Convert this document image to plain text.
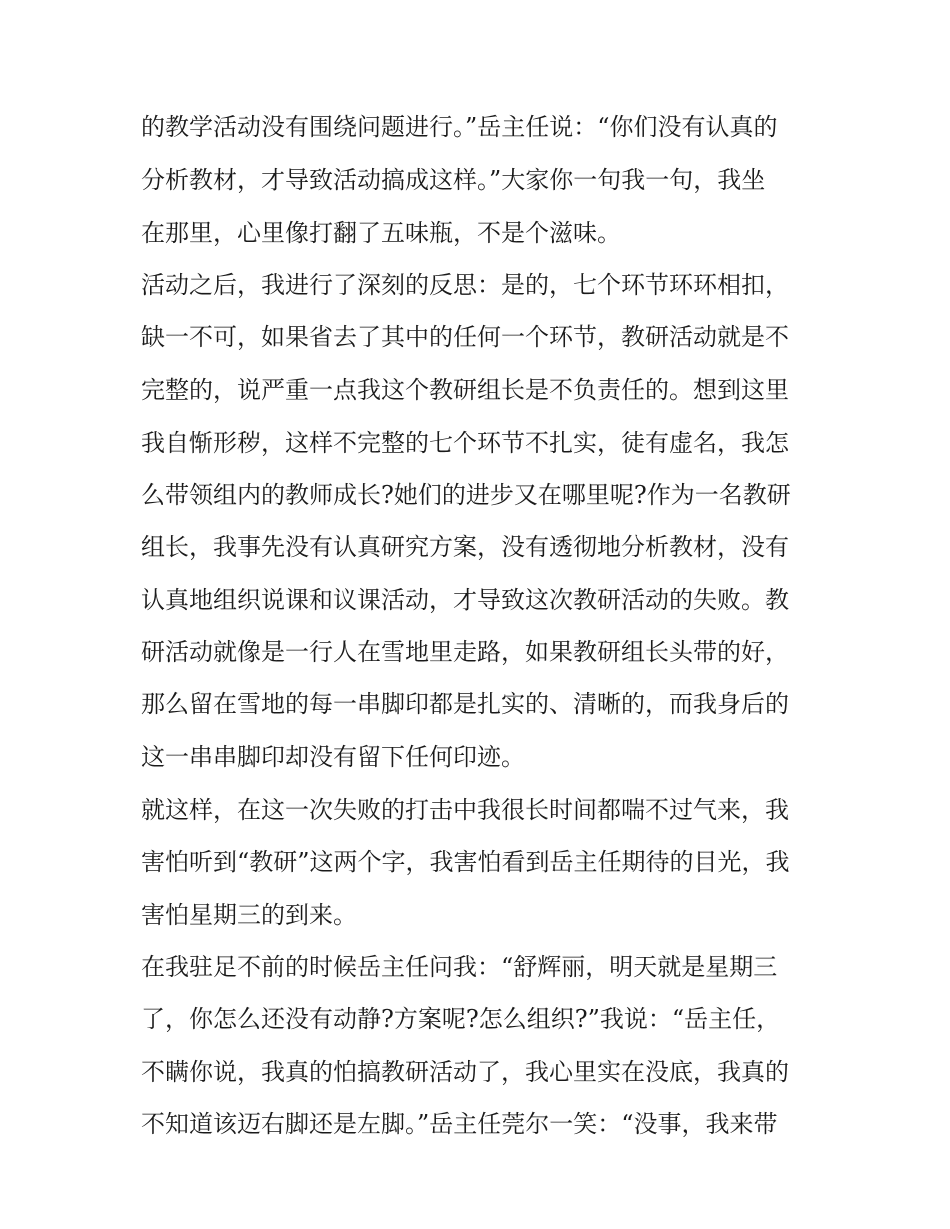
的教学活动没有围绕问题进行。”岳主任说：“你们没有认真的
分析教材，才导致活动搞成这样。”大家你一句我一句，我坐
在那里，心里像打翻了五味瓶，不是个滋味。
活动之后，我进行了深刻的反思：是的，七个环节环环相扣，
缺一不可，如果省去了其中的任何一个环节，教研活动就是不
完整的，说严重一点我这个教研组长是不负责任的。想到这里
我自惭形秽，这样不完整的七个环节不扎实，徒有虚名，我怎
么带领组内的教师成长?她们的进步又在哪里呢?作为一名教研
组长，我事先没有认真研究方案，没有透彻地分析教材，没有
认真地组织说课和议课活动，才导致这次教研活动的失败。教
研活动就像是一行人在雪地里走路，如果教研组长头带的好，
那么留在雪地的每一串脚印都是扎实的、清晰的，而我身后的
这一串串脚印却没有留下任何印迹。
就这样，在这一次失败的打击中我很长时间都喘不过气来，我
害怕听到“教研”这两个字，我害怕看到岳主任期待的目光，我
害怕星期三的到来。
在我驻足不前的时候岳主任问我：“舒辉丽，明天就是星期三
了，你怎么还没有动静?方案呢?怎么组织?”我说：“岳主任，
不瞒你说，我真的怕搞教研活动了，我心里实在没底，我真的
不知道该迈右脚还是左脚。”岳主任莞尔一笑：“没事，我来带
